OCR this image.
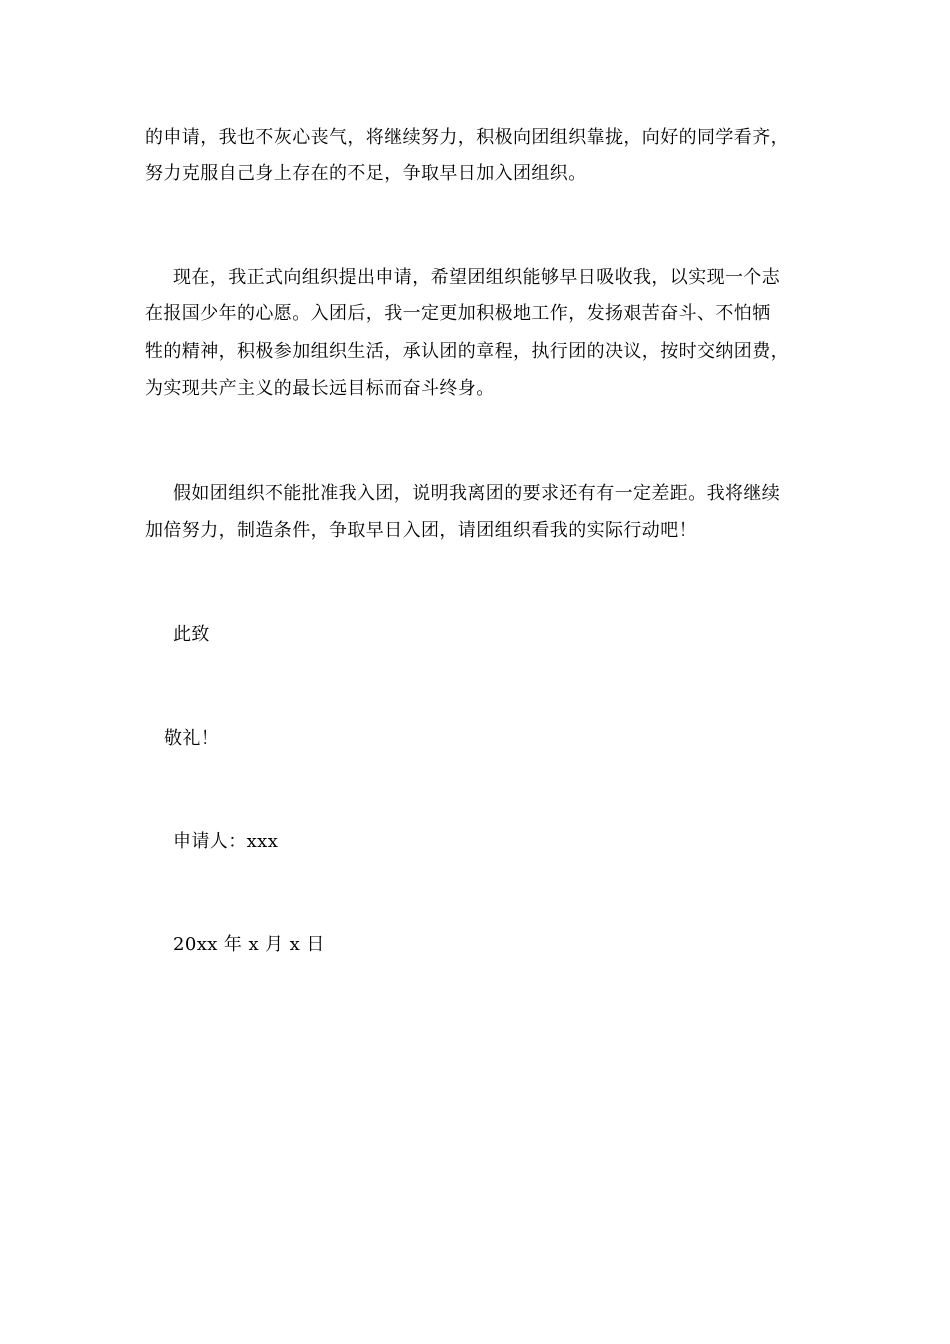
的申请，我也不灰心丧气，将继续努力，积极向团组织靠拢，向好的同学看齐，
努力克服自己身上存在的不足，争取早日加入团组织。
现在，我正式向组织提出申请，希望团组织能够早日吸收我，以实现一个志
在报国少年的心愿。入团后，我一定更加积极地工作，发扬艰苦奋斗、不怕牺
牲的精神，积极参加组织生活，承认团的章程，执行团的决议，按时交纳团费，
为实现共产主义的最长远目标而奋斗终身。
假如团组织不能批准我入团，说明我离团的要求还有有一定差距。我将继续
加倍努力，制造条件，争取早日入团，请团组织看我的实际行动吧！
此致
敬礼！
申请人：xxx
20xx 年 x 月 x 日
